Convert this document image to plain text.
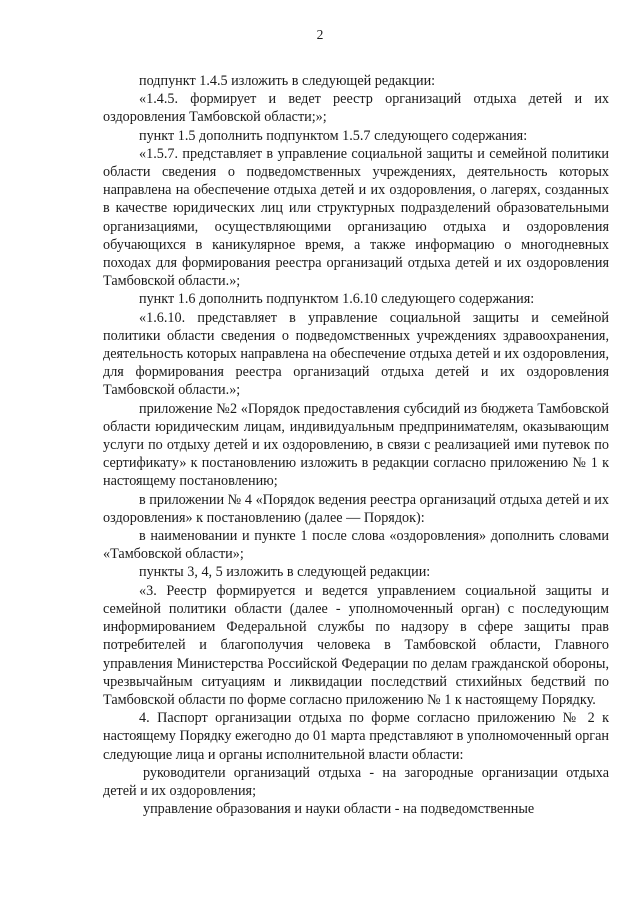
2

подпункт 1.4.5 изложить в следующей редакции:

«1.4.5. формирует и ведет реестр организаций отдыха детей и их оздоровления Тамбовской области;»;

пункт 1.5 дополнить подпунктом 1.5.7 следующего содержания:

«1.5.7. представляет в управление социальной защиты и семейной политики области сведения о подведомственных учреждениях, деятельность которых направлена на обеспечение отдыха детей и их оздоровления, о лагерях, созданных в качестве юридических лиц или структурных подразделений образовательными организациями, осуществляющими организацию отдыха и оздоровления обучающихся в каникулярное время, а также информацию о многодневных походах для формирования реестра организаций отдыха детей и их оздоровления Тамбовской области.»;

пункт 1.6 дополнить подпунктом 1.6.10 следующего содержания:

«1.6.10. представляет в управление социальной защиты и семейной политики области сведения о подведомственных учреждениях здравоохранения, деятельность которых направлена на обеспечение отдыха детей и их оздоровления, для формирования реестра организаций отдыха детей и их оздоровления Тамбовской области.»;

приложение №2 «Порядок предоставления субсидий из бюджета Тамбовской области юридическим лицам, индивидуальным предпринимателям, оказывающим услуги по отдыху детей и их оздоровлению, в связи с реализацией ими путевок по сертификату» к постановлению изложить в редакции согласно приложению № 1 к настоящему постановлению;

в приложении № 4 «Порядок ведения реестра организаций отдыха детей и их оздоровления» к постановлению (далее — Порядок):

в наименовании и пункте 1 после слова «оздоровления» дополнить словами «Тамбовской области»;

пункты 3, 4, 5 изложить в следующей редакции:

«3. Реестр формируется и ведется управлением социальной защиты и семейной политики области (далее - уполномоченный орган) с последующим информированием Федеральной службы по надзору в сфере защиты прав потребителей и благополучия человека в Тамбовской области, Главного управления Министерства Российской Федерации по делам гражданской обороны, чрезвычайным ситуациям и ликвидации последствий стихийных бедствий по Тамбовской области по форме согласно приложению № 1 к настоящему Порядку.

4. Паспорт организации отдыха по форме согласно приложению № 2 к настоящему Порядку ежегодно до 01 марта представляют в уполномоченный орган следующие лица и органы исполнительной власти области:

руководители организаций отдыха - на загородные организации отдыха детей и их оздоровления;

управление образования и науки области - на подведомственные
